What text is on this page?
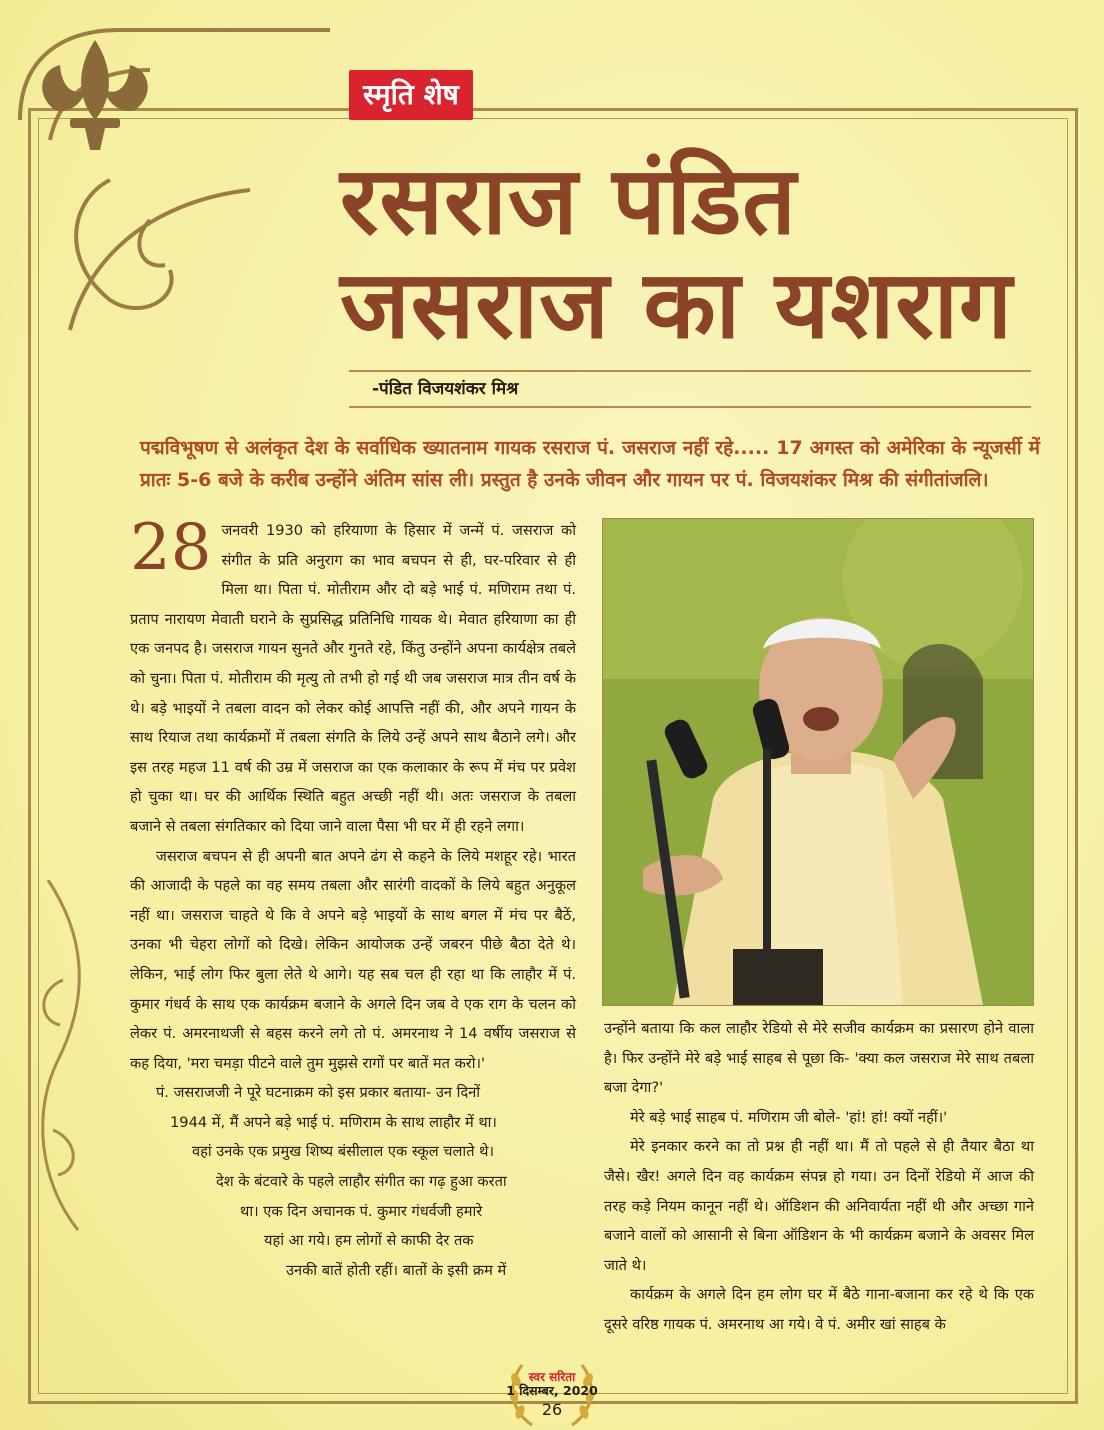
स्मृति शेष
रसराज पंडित
जसराज का यशराग
-पंडित विजयशंकर मिश्र

पद्मविभूषण से अलंकृत देश के सर्वाधिक ख्यातनाम गायक रसराज पं. जसराज नहीं रहे..... 17 अगस्त को अमेरिका के न्यूजर्सी में प्रातः 5-6 बजे के करीब उन्होंने अंतिम सांस ली। प्रस्तुत है उनके जीवन और गायन पर पं. विजयशंकर मिश्र की संगीतांजलि।

28 जनवरी 1930 को हरियाणा के हिसार में जन्में पं. जसराज को संगीत के प्रति अनुराग का भाव बचपन से ही, घर-परिवार से ही मिला था। पिता पं. मोतीराम और दो बड़े भाई पं. मणिराम तथा पं. प्रताप नारायण मेवाती घराने के सुप्रसिद्ध प्रतिनिधि गायक थे। मेवात हरियाणा का ही एक जनपद है। जसराज गायन सुनते और गुनते रहे, किंतु उन्होंने अपना कार्यक्षेत्र तबले को चुना। पिता पं. मोतीराम की मृत्यु तो तभी हो गई थी जब जसराज मात्र तीन वर्ष के थे। बड़े भाइयों ने तबला वादन को लेकर कोई आपत्ति नहीं की, और अपने गायन के साथ रियाज तथा कार्यक्रमों में तबला संगति के लिये उन्हें अपने साथ बैठाने लगे। और इस तरह महज 11 वर्ष की उम्र में जसराज का एक कलाकार के रूप में मंच पर प्रवेश हो चुका था। घर की आर्थिक स्थिति बहुत अच्छी नहीं थी। अतः जसराज के तबला बजाने से तबला संगतिकार को दिया जाने वाला पैसा भी घर में ही रहने लगा।

जसराज बचपन से ही अपनी बात अपने ढंग से कहने के लिये मशहूर रहे। भारत की आजादी के पहले का वह समय तबला और सारंगी वादकों के लिये बहुत अनुकूल नहीं था। जसराज चाहते थे कि वे अपने बड़े भाइयों के साथ बगल में मंच पर बैठें, उनका भी चेहरा लोगों को दिखे। लेकिन आयोजक उन्हें जबरन पीछे बैठा देते थे। लेकिन, भाई लोग फिर बुला लेते थे आगे। यह सब चल ही रहा था कि लाहौर में पं. कुमार गंधर्व के साथ एक कार्यक्रम बजाने के अगले दिन जब वे एक राग के चलन को लेकर पं. अमरनाथजी से बहस करने लगे तो पं. अमरनाथ ने 14 वर्षीय जसराज से कह दिया, 'मरा चमड़ा पीटने वाले तुम मुझसे रागों पर बातें मत करो।'

पं. जसराजजी ने पूरे घटनाक्रम को इस प्रकार बताया- उन दिनों
1944 में, मैं अपने बड़े भाई पं. मणिराम के साथ लाहौर में था।
वहां उनके एक प्रमुख शिष्य बंसीलाल एक स्कूल चलाते थे।
देश के बंटवारे के पहले लाहौर संगीत का गढ़ हुआ करता
था। एक दिन अचानक पं. कुमार गंधर्वजी हमारे
यहां आ गये। हम लोगों से काफी देर तक
उनकी बातें होती रहीं। बातों के इसी क्रम में

उन्होंने बताया कि कल लाहौर रेडियो से मेरे सजीव कार्यक्रम का प्रसारण होने वाला है। फिर उन्होंने मेरे बड़े भाई साहब से पूछा कि- 'क्या कल जसराज मेरे साथ तबला बजा देगा?'

मेरे बड़े भाई साहब पं. मणिराम जी बोले- 'हां! हां! क्यों नहीं।'

मेरे इनकार करने का तो प्रश्न ही नहीं था। मैं तो पहले से ही तैयार बैठा था जैसे। खैर! अगले दिन वह कार्यक्रम संपन्न हो गया। उन दिनों रेडियो में आज की तरह कड़े नियम कानून नहीं थे। ऑडिशन की अनिवार्यता नहीं थी और अच्छा गाने बजाने वालों को आसानी से बिना ऑडिशन के भी कार्यक्रम बजाने के अवसर मिल जाते थे।

कार्यक्रम के अगले दिन हम लोग घर में बैठे गाना-बजाना कर रहे थे कि एक दूसरे वरिष्ठ गायक पं. अमरनाथ आ गये। वे पं. अमीर खां साहब के

स्वर सरिता
1 दिसम्बर, 2020
26
